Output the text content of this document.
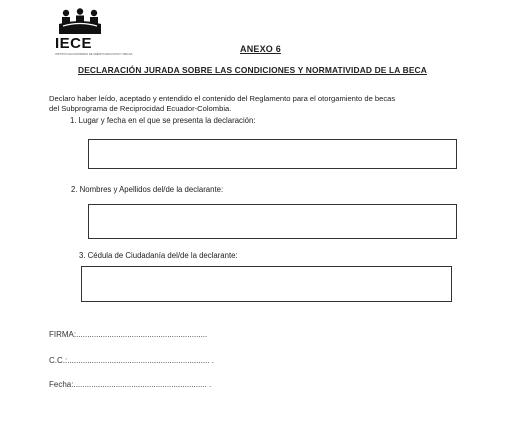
IECE
INSTITUTO ECUATORIANO DE CRÉDITO EDUCATIVO Y BECAS
ANEXO 6
DECLARACIÓN JURADA SOBRE LAS CONDICIONES Y NORMATIVIDAD DE LA BECA
Declaro haber leído, aceptado y entendido el contenido del Reglamento para el otorgamiento de becas
del Subprograma de Reciprocidad Ecuador-Colombia.
1. Lugar y fecha en el que se presenta la declaración:
2. Nombres y Apellidos del/de la declarante:
3. Cédula de Ciudadanía del/de la declarante:
FIRMA:...........................................................
C.C.:................................................................ .
Fecha:............................................................ .
